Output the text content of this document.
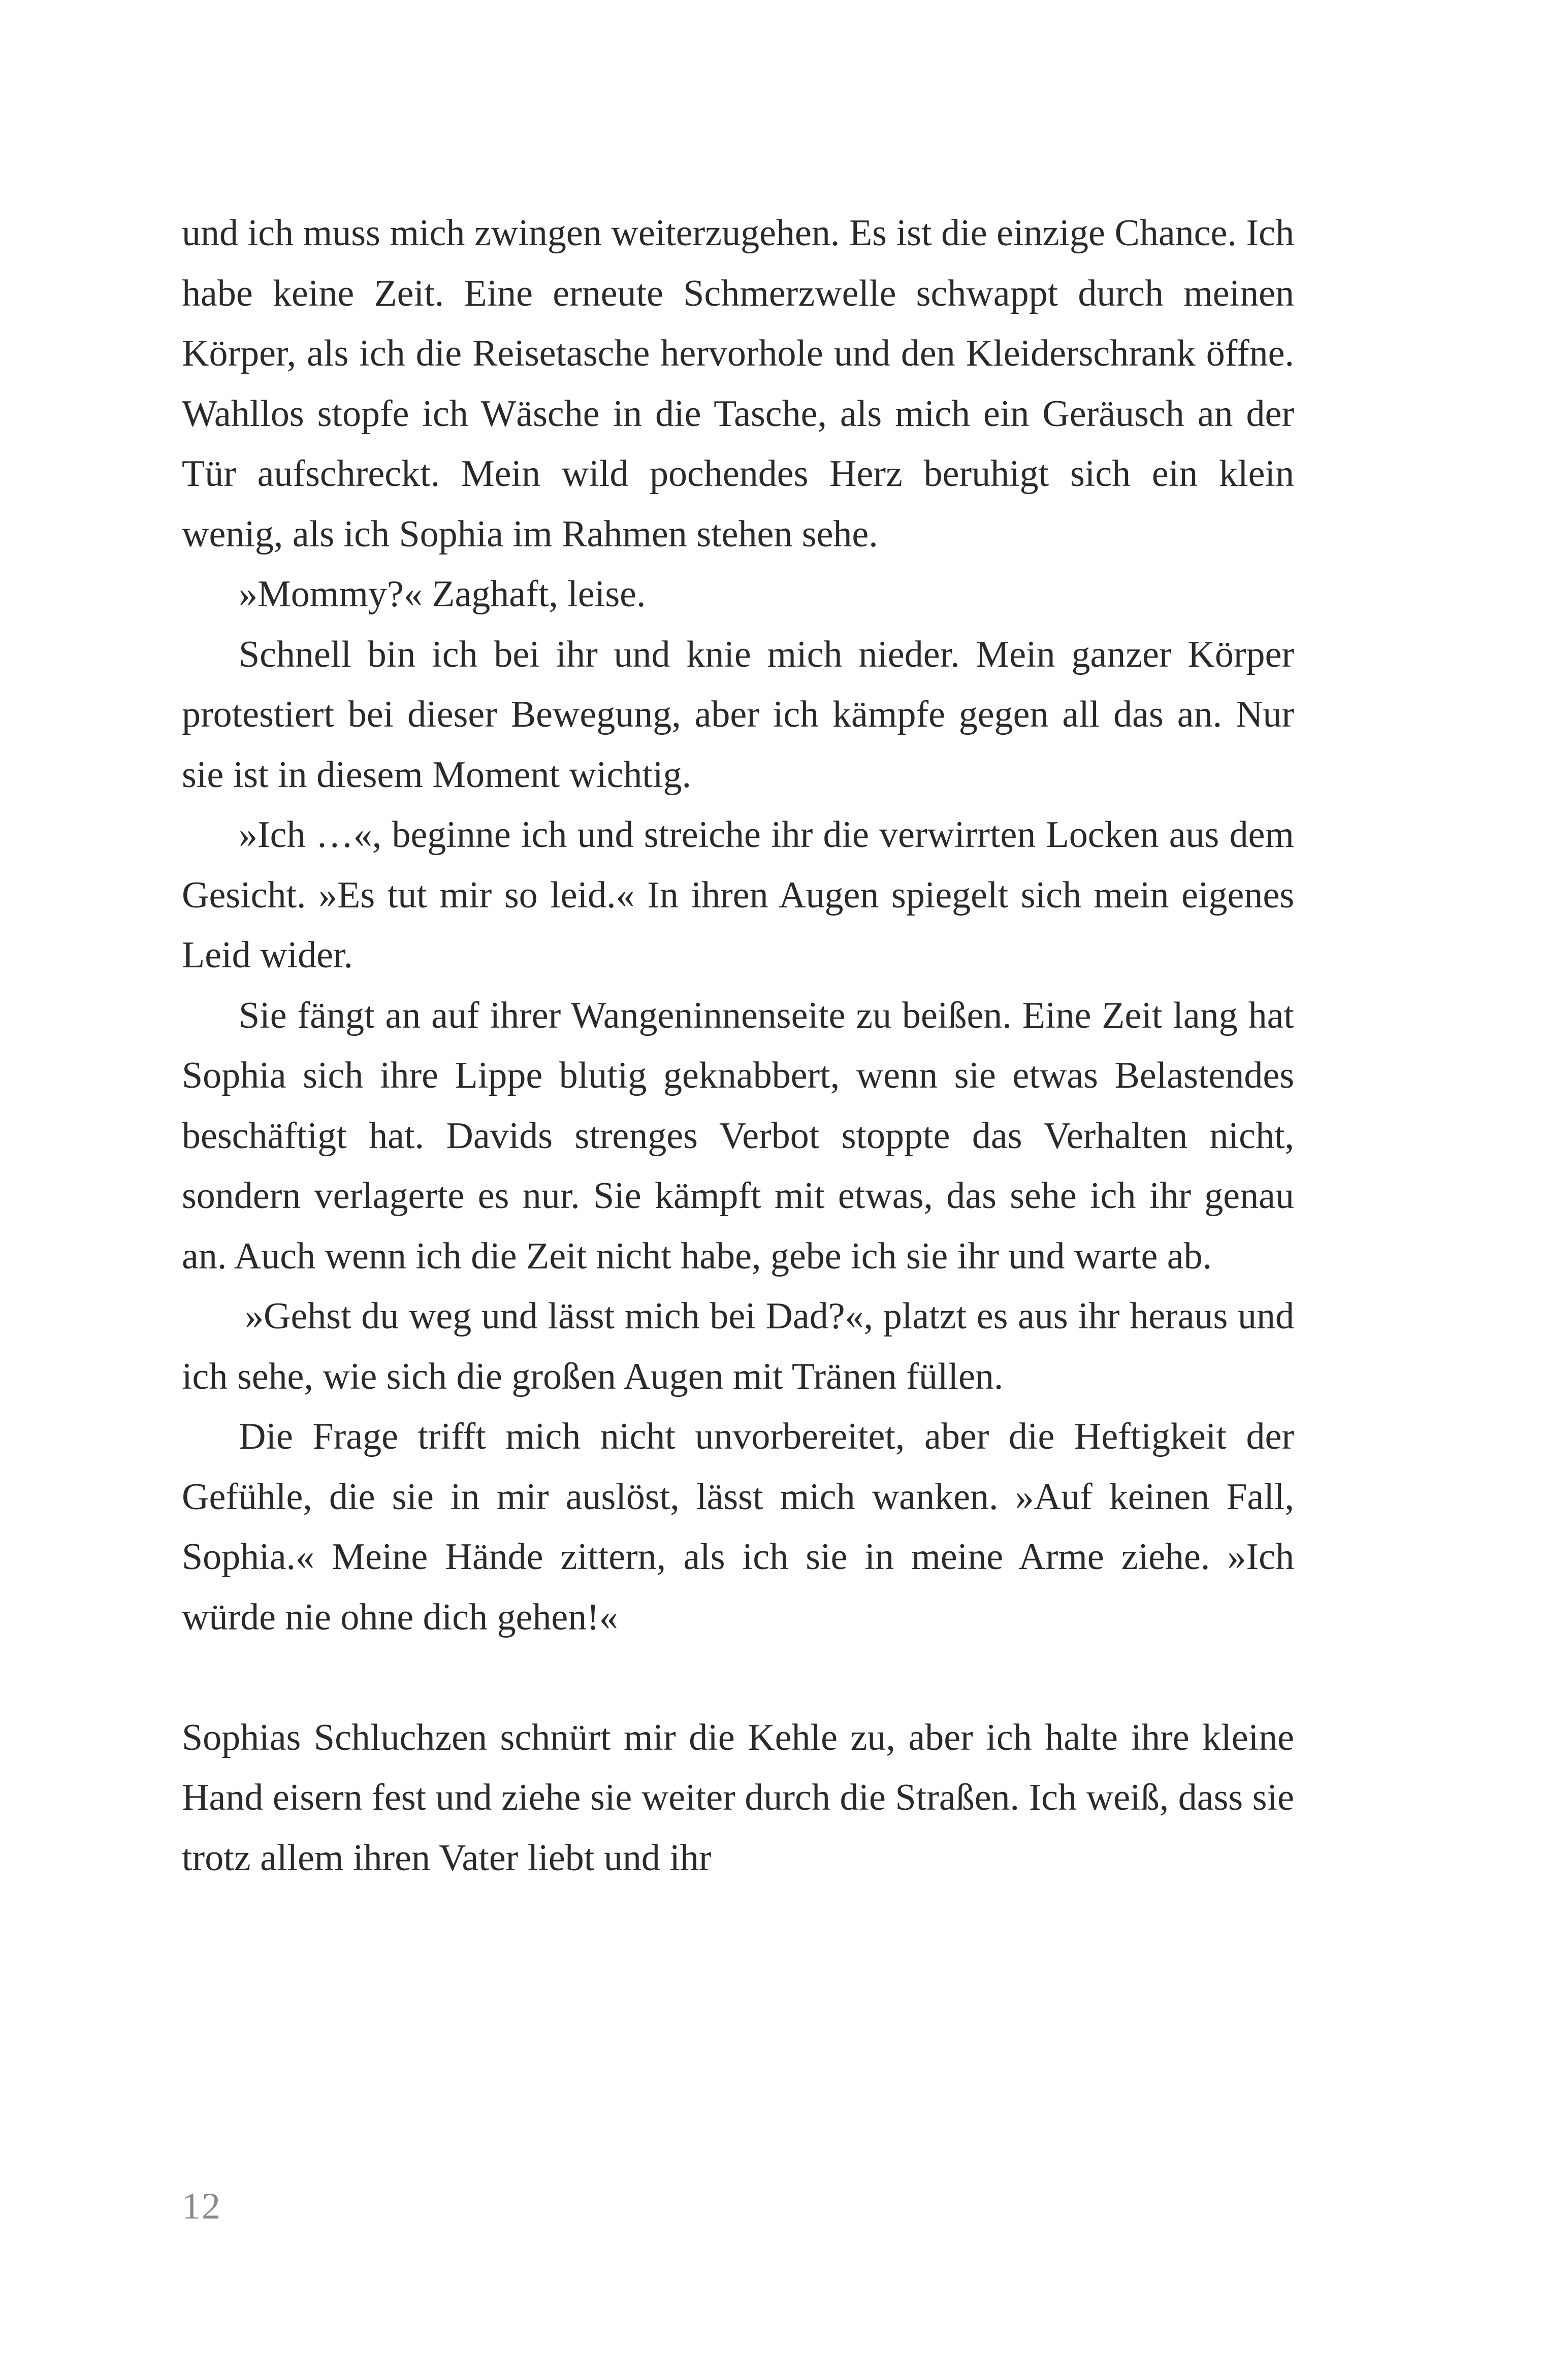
und ich muss mich zwingen weiterzugehen. Es ist die einzige Chance. Ich habe keine Zeit. Eine erneute Schmerzwelle schwappt durch meinen Körper, als ich die Reisetasche hervorhole und den Kleiderschrank öffne. Wahllos stopfe ich Wäsche in die Tasche, als mich ein Geräusch an der Tür aufschreckt. Mein wild pochendes Herz beruhigt sich ein klein wenig, als ich Sophia im Rahmen stehen sehe.

»Mommy?« Zaghaft, leise.

Schnell bin ich bei ihr und knie mich nieder. Mein ganzer Körper protestiert bei dieser Bewegung, aber ich kämpfe gegen all das an. Nur sie ist in diesem Moment wichtig.

»Ich …«, beginne ich und streiche ihr die verwirrten Locken aus dem Gesicht. »Es tut mir so leid.« In ihren Augen spiegelt sich mein eigenes Leid wider.

Sie fängt an auf ihrer Wangeninnenseite zu beißen. Eine Zeit lang hat Sophia sich ihre Lippe blutig geknabbert, wenn sie etwas Belastendes beschäftigt hat. Davids strenges Verbot stoppte das Verhalten nicht, sondern verlagerte es nur. Sie kämpft mit etwas, das sehe ich ihr genau an. Auch wenn ich die Zeit nicht habe, gebe ich sie ihr und warte ab.

»Gehst du weg und lässt mich bei Dad?«, platzt es aus ihr heraus und ich sehe, wie sich die großen Augen mit Tränen füllen.

Die Frage trifft mich nicht unvorbereitet, aber die Heftigkeit der Gefühle, die sie in mir auslöst, lässt mich wanken. »Auf keinen Fall, Sophia.« Meine Hände zittern, als ich sie in meine Arme ziehe. »Ich würde nie ohne dich gehen!«

Sophias Schluchzen schnürt mir die Kehle zu, aber ich halte ihre kleine Hand eisern fest und ziehe sie weiter durch die Straßen. Ich weiß, dass sie trotz allem ihren Vater liebt und ihr

12
